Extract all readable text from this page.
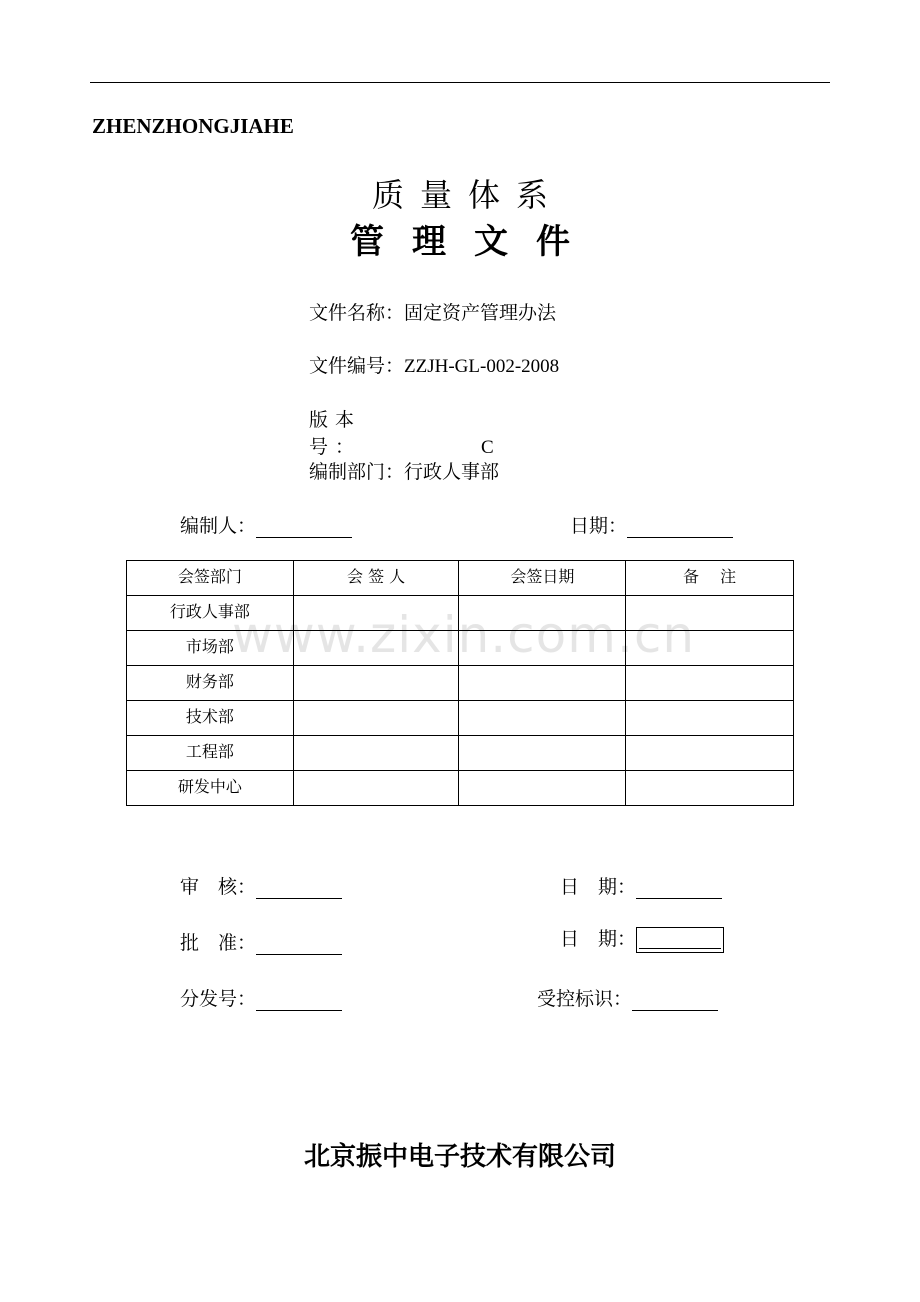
ZHENZHONGJIAHE
质量体系
管理文件
文件名称：固定资产管理办法
文件编号：ZZJH-GL-002-2008
版本号：	C
编制部门：行政人事部
编制人：	日期：
会签部门	会 签 人	会签日期	备　 注
行政人事部			
市场部			
财务部			
技术部			
工程部			
研发中心			
www.zixin.com.cn
审　核：	日　期：
批　准：	日　期：
分发号：	受控标识：
北京振中电子技术有限公司
